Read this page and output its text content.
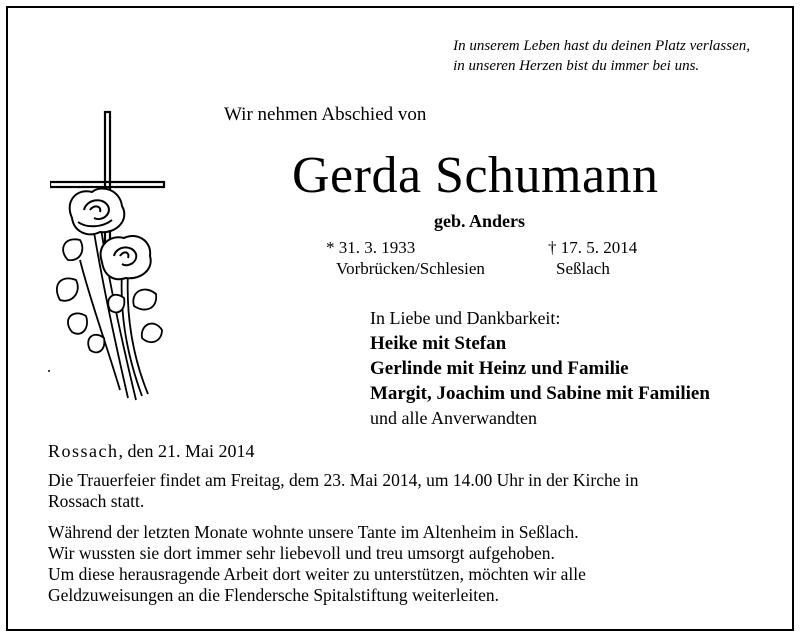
In unserem Leben hast du deinen Platz verlassen,
in unseren Herzen bist du immer bei uns.
Wir nehmen Abschied von
Gerda Schumann
geb. Anders
* 31. 3. 1933
Vorbrücken/Schlesien
† 17. 5. 2014
Seßlach
In Liebe und Dankbarkeit:
Heike mit Stefan
Gerlinde mit Heinz und Familie
Margit, Joachim und Sabine mit Familien
und alle Anverwandten
Rossach, den 21. Mai 2014
Die Trauerfeier findet am Freitag, dem 23. Mai 2014, um 14.00 Uhr in der Kirche in
Rossach statt.
Während der letzten Monate wohnte unsere Tante im Altenheim in Seßlach.
Wir wussten sie dort immer sehr liebevoll und treu umsorgt aufgehoben.
Um diese herausragende Arbeit dort weiter zu unterstützen, möchten wir alle
Geldzuweisungen an die Flendersche Spitalstiftung weiterleiten.
